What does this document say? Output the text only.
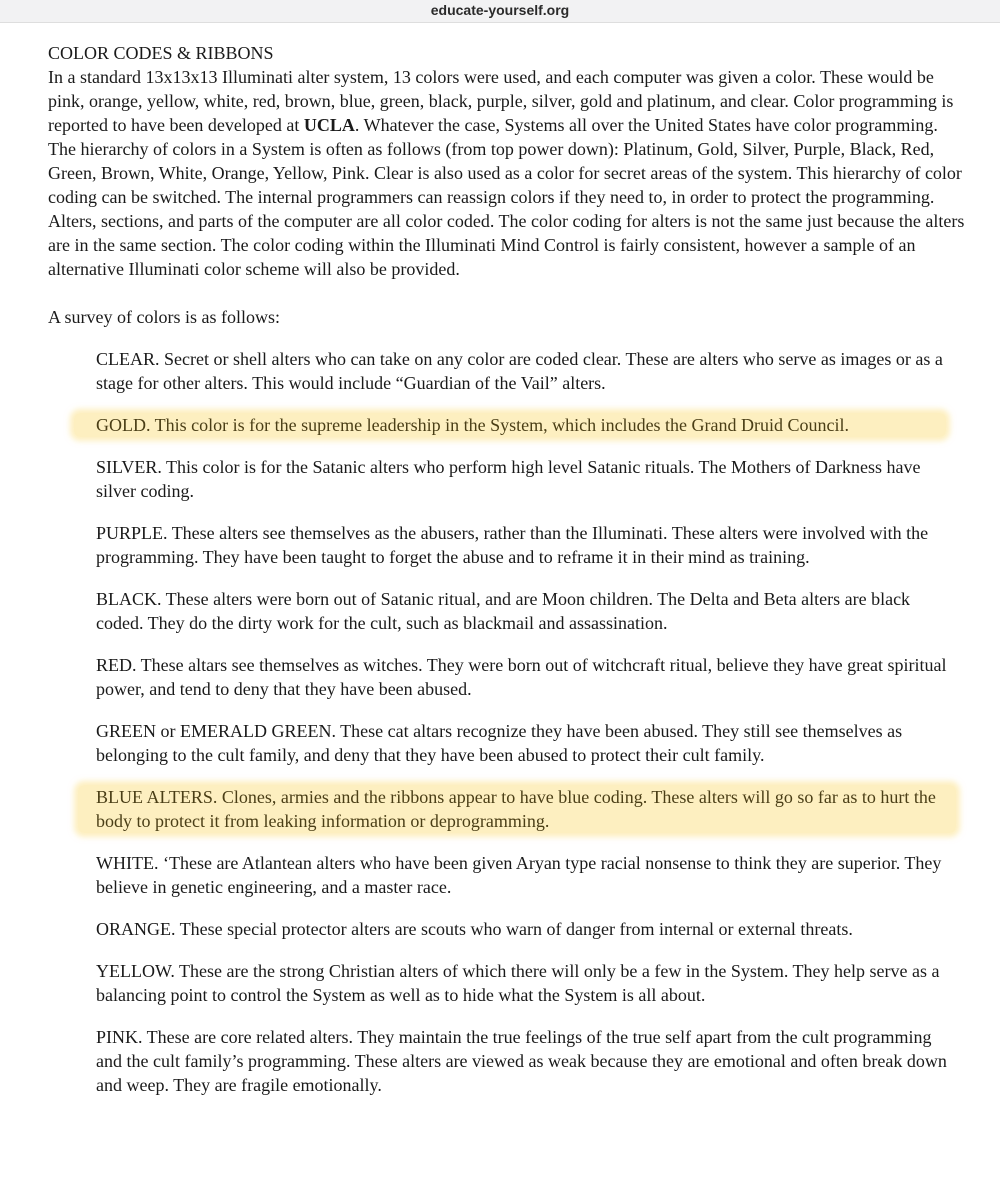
educate-yourself.org
COLOR CODES & RIBBONS

In a standard 13x13x13 Illuminati alter system, 13 colors were used, and each computer was given a color. These would be pink, orange, yellow, white, red, brown, blue, green, black, purple, silver, gold and platinum, and clear. Color programming is reported to have been developed at UCLA. Whatever the case, Systems all over the United States have color programming. The hierarchy of colors in a System is often as follows (from top power down): Platinum, Gold, Silver, Purple, Black, Red, Green, Brown, White, Orange, Yellow, Pink. Clear is also used as a color for secret areas of the system. This hierarchy of color coding can be switched. The internal programmers can reassign colors if they need to, in order to protect the programming. Alters, sections, and parts of the computer are all color coded. The color coding for alters is not the same just because the alters are in the same section. The color coding within the Illuminati Mind Control is fairly consistent, however a sample of an alternative Illuminati color scheme will also be provided.

A survey of colors is as follows:

CLEAR. Secret or shell alters who can take on any color are coded clear. These are alters who serve as images or as a stage for other alters. This would include “Guardian of the Vail” alters.

GOLD. This color is for the supreme leadership in the System, which includes the Grand Druid Council.

SILVER. This color is for the Satanic alters who perform high level Satanic rituals. The Mothers of Darkness have silver coding.

PURPLE. These alters see themselves as the abusers, rather than the Illuminati. These alters were involved with the programming. They have been taught to forget the abuse and to reframe it in their mind as training.

BLACK. These alters were born out of Satanic ritual, and are Moon children. The Delta and Beta alters are black coded. They do the dirty work for the cult, such as blackmail and assassination.

RED. These altars see themselves as witches. They were born out of witchcraft ritual, believe they have great spiritual power, and tend to deny that they have been abused.

GREEN or EMERALD GREEN. These cat altars recognize they have been abused. They still see themselves as belonging to the cult family, and deny that they have been abused to protect their cult family.

BLUE ALTERS. Clones, armies and the ribbons appear to have blue coding. These alters will go so far as to hurt the body to protect it from leaking information or deprogramming.

WHITE. ‘These are Atlantean alters who have been given Aryan type racial nonsense to think they are superior. They believe in genetic engineering, and a master race.

ORANGE. These special protector alters are scouts who warn of danger from internal or external threats.

YELLOW. These are the strong Christian alters of which there will only be a few in the System. They help serve as a balancing point to control the System as well as to hide what the System is all about.

PINK. These are core related alters. They maintain the true feelings of the true self apart from the cult programming and the cult family’s programming. These alters are viewed as weak because they are emotional and often break down and weep. They are fragile emotionally.
